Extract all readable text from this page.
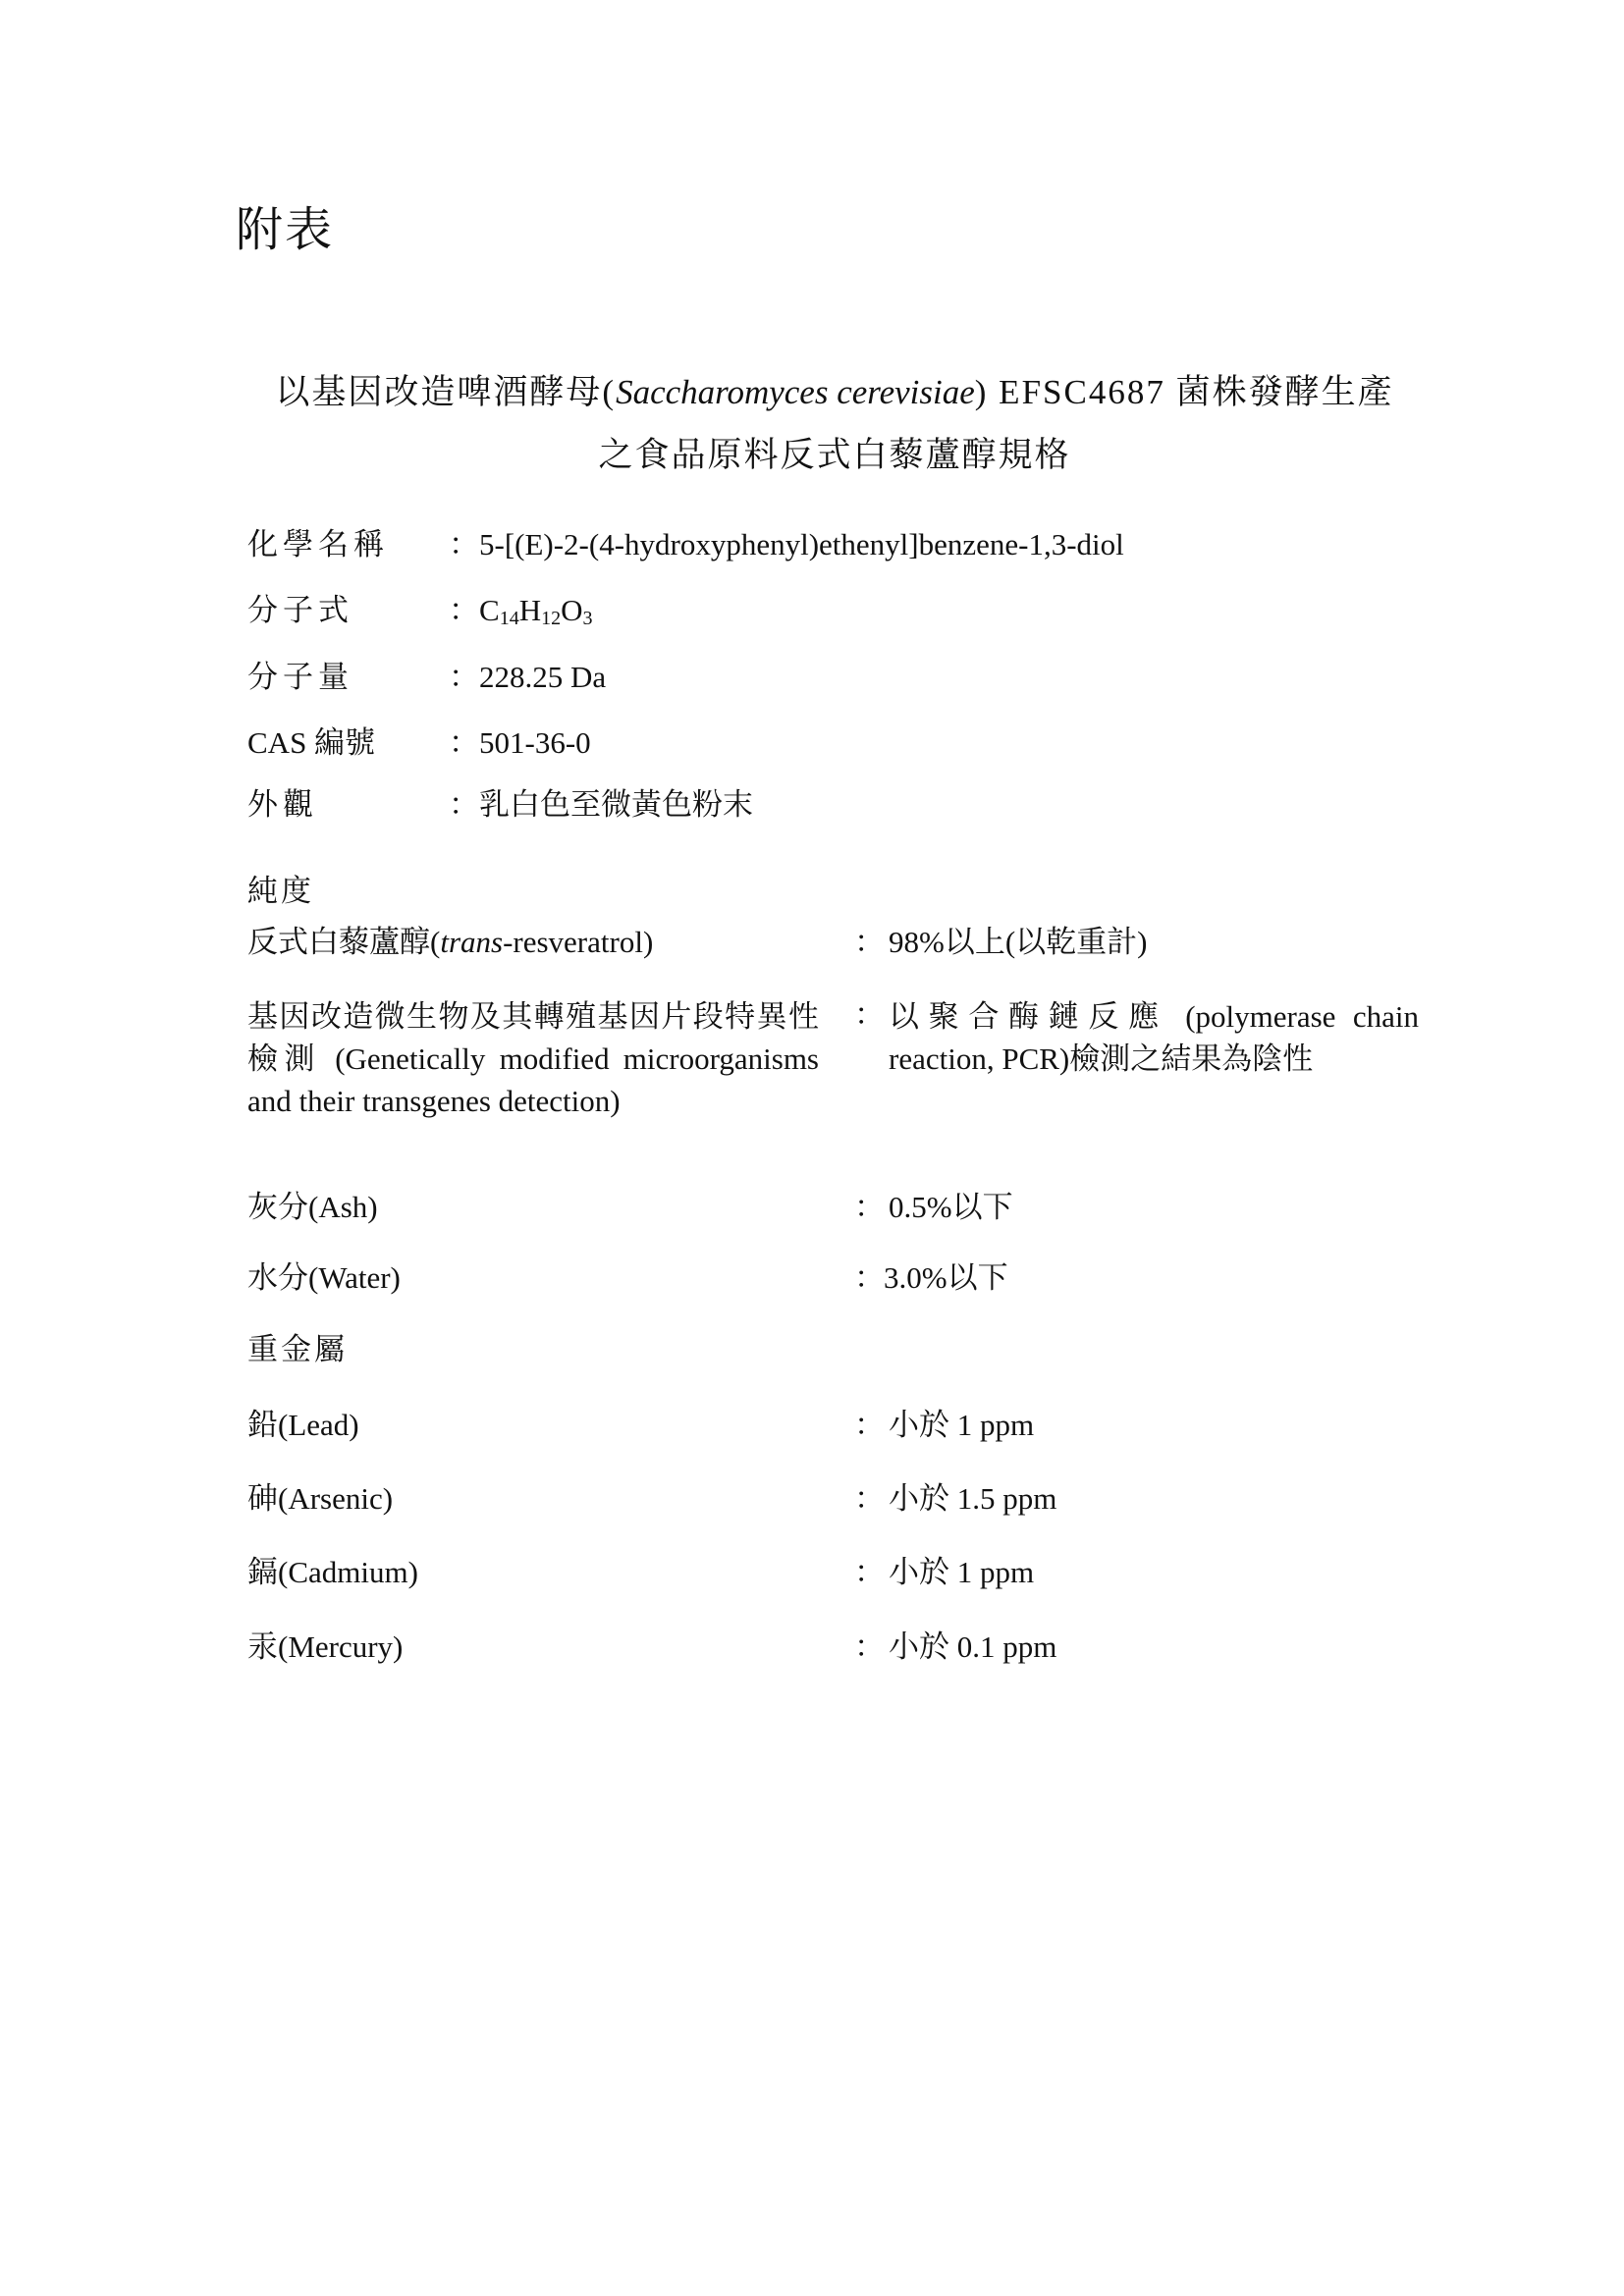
附表
以基因改造啤酒酵母(Saccharomyces cerevisiae) EFSC4687 菌株發酵生產
之食品原料反式白藜蘆醇規格
化學名稱 ：5-[(E)-2-(4-hydroxyphenyl)ethenyl]benzene-1,3-diol
分子式	：$C_{14}H_{12}O_3$
分子量	：228.25 Da
CAS 編號 ：501-36-0
外觀	：乳白色至微黃色粉末
純度
反式白藜蘆醇(trans-resveratrol)	： 98%以上(以乾重計)
基因改造微生物及其轉殖基因片段特異性檢測 (Genetically modified microorganisms and their transgenes detection)
： 以聚合酶鏈反應 (polymerase chain reaction, PCR)檢測之結果為陰性
灰分(Ash)	： 0.5%以下
水分(Water)	： 3.0%以下
重金屬
鉛(Lead)	： 小於 1 ppm
砷(Arsenic)	： 小於 1.5 ppm
鎘(Cadmium)	： 小於 1 ppm
汞(Mercury)	： 小於 0.1 ppm
